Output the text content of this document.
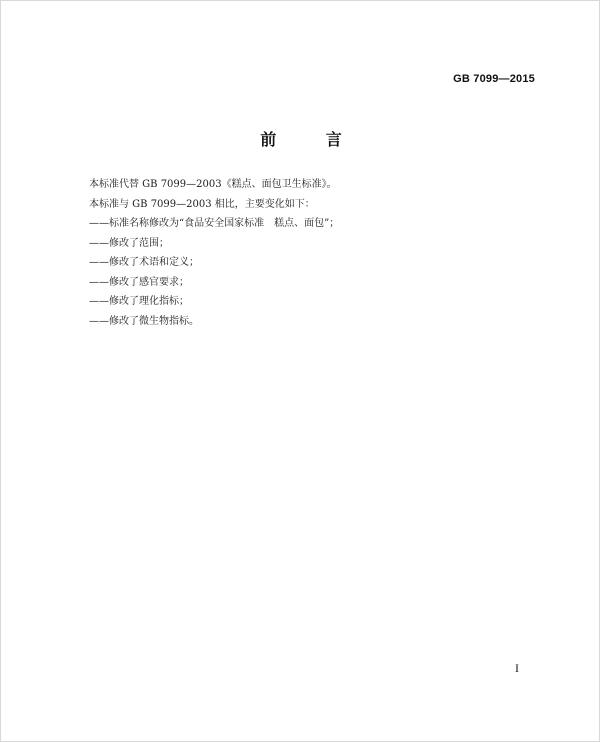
GB 7099—2015
前 言
本标准代替 GB 7099—2003《糕点、面包卫生标准》。
本标准与 GB 7099—2003 相比，主要变化如下：
——标准名称修改为“食品安全国家标准　糕点、面包”；
——修改了范围；
——修改了术语和定义；
——修改了感官要求；
——修改了理化指标；
——修改了微生物指标。
I
